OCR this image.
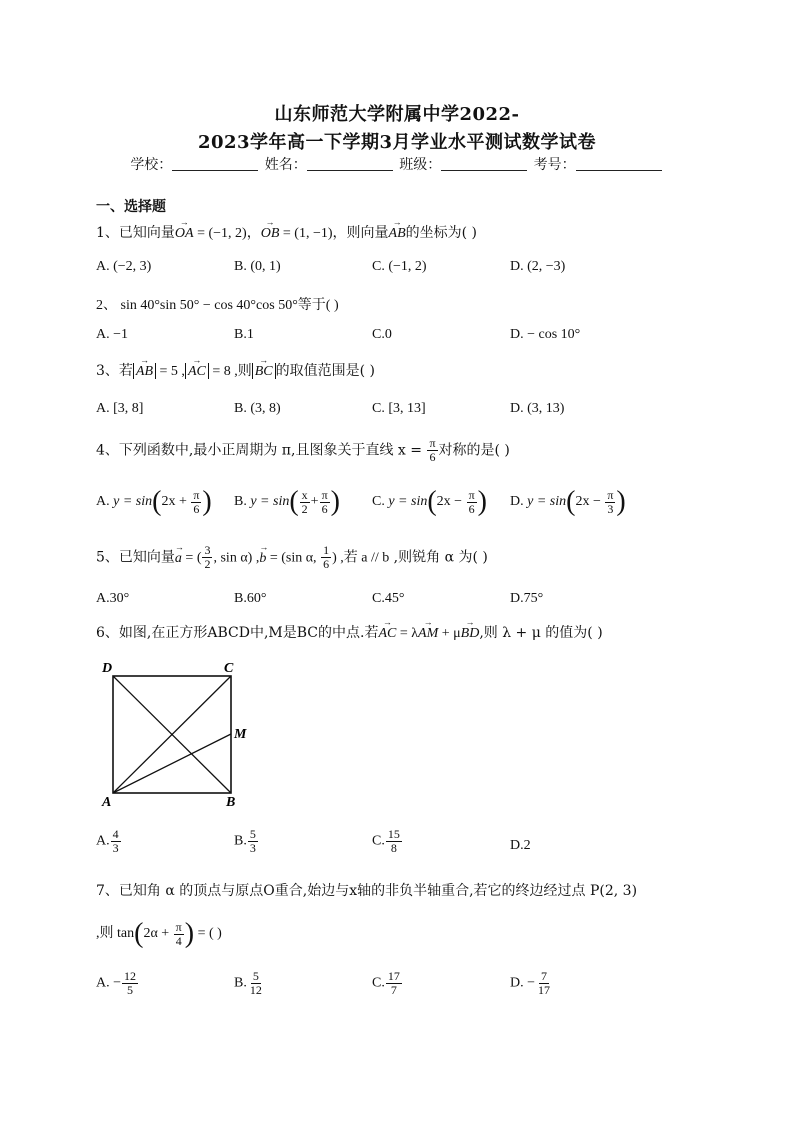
山东师范大学附属中学2022-
2023学年高一下学期3月学业水平测试数学试卷
学校：	姓名：	班级：	考号：
一、选择题
1、已知向量→ OA = (−1, 2)，→ OB = (1, −1)，则向量→ AB的坐标为( )
A. (−2, 3)	B. (0, 1)	C. (−1, 2)	D. (2, −3)
2、 sin 40°sin 50° − cos 40°cos 50°等于( )
A. −1	B.1	C.0	D. − cos 10°
3、若 → AB = 5 , → AC = 8 ,则 → BC 的取值范围是( )
A. [3, 8]	B. (3, 8)	C. [3, 13]	D. (3, 13)
4、下列函数中,最小正周期为 π,且图象关于直线 $x = \frac{\pi}{6}$ 对称的是( )
A. $y = \sin(2x + \frac{\pi}{6}$ ) B. $y = \sin( \frac{x}{2} + \frac{\pi}{6}$ ) C. $y = \sin(2x - \frac{\pi}{6}$ ) D. $y = \sin(2x - \frac{\pi}{3}$ )
5、已知向量→ a = ( $\frac{3}{2}$ , sin α) ,→ b = (sin α, $\frac{1}{6}$ ) ,若 a // b ,则锐角 α 为( )
A.30°	B.60°	C.45°	D.75°
6、如图,在正方形ABCD中,M是BC的中点.若→ AC = λ→ AM + μ→ BD,则 λ + μ 的值为( )
D	C
M
A	B
A. $\frac{4}{3}$	B. $\frac{5}{3}$	C. $\frac{15}{8}$	D.2
7、已知角 α 的顶点与原点O重合,始边与x轴的非负半轴重合,若它的终边经过点 P(2, 3)
,则 $\tan(2\alpha + \frac{\pi}{4}$ ) = ( )
A. − $\frac{12}{5}$	B. $\frac{5}{12}$	C. $\frac{17}{7}$	D. − $\frac{7}{17}$
